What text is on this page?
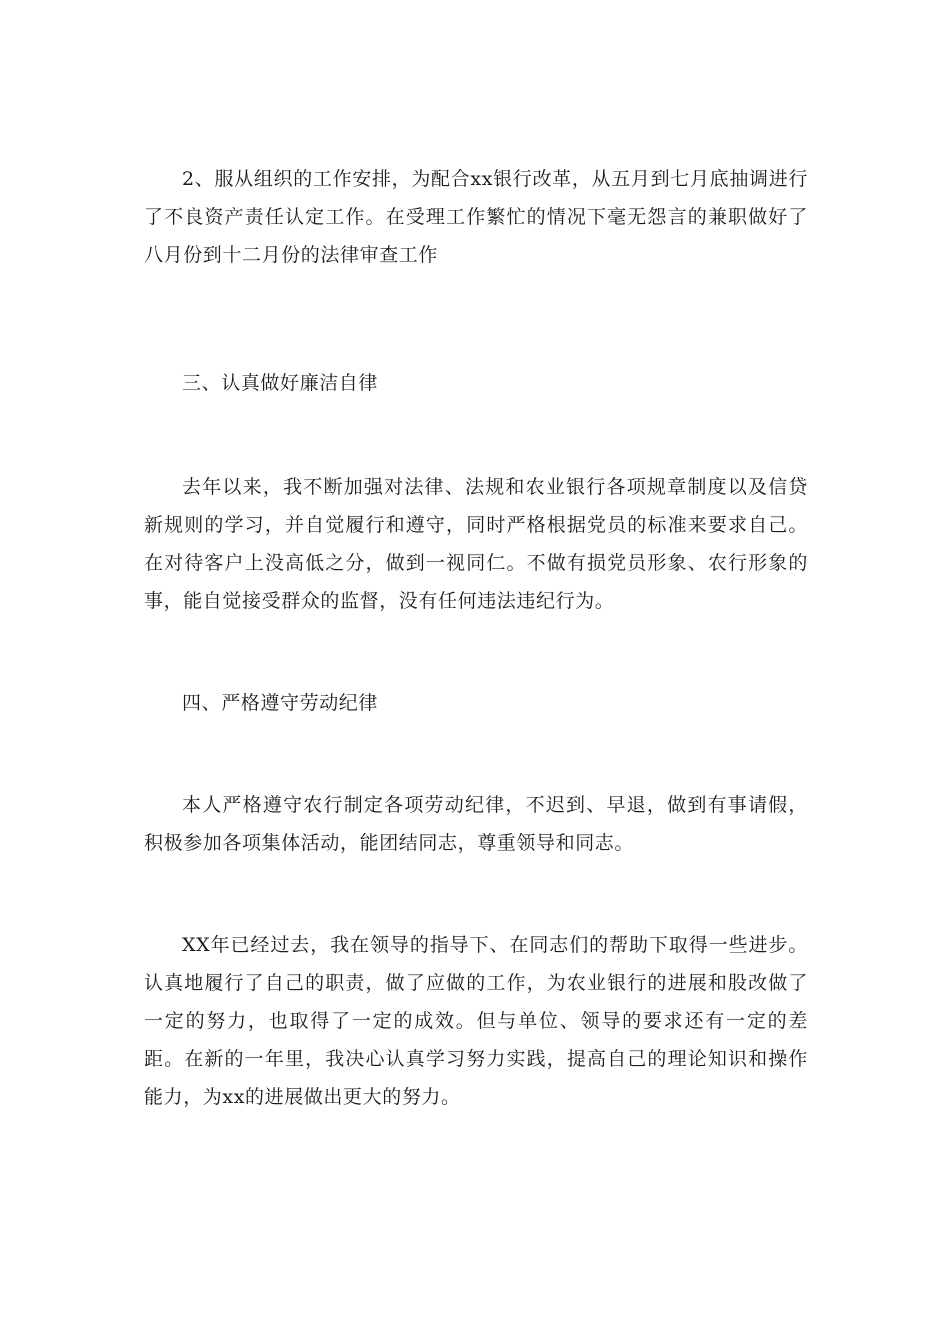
2、服从组织的工作安排，为配合xx银行改革，从五月到七月底抽调进行了不良资产责任认定工作。在受理工作繁忙的情况下毫无怨言的兼职做好了八月份到十二月份的法律审查工作

三、认真做好廉洁自律

去年以来，我不断加强对法律、法规和农业银行各项规章制度以及信贷新规则的学习，并自觉履行和遵守，同时严格根据党员的标准来要求自己。在对待客户上没高低之分，做到一视同仁。不做有损党员形象、农行形象的事，能自觉接受群众的监督，没有任何违法违纪行为。

四、严格遵守劳动纪律

本人严格遵守农行制定各项劳动纪律，不迟到、早退，做到有事请假，积极参加各项集体活动，能团结同志，尊重领导和同志。

XX年已经过去，我在领导的指导下、在同志们的帮助下取得一些进步。认真地履行了自己的职责，做了应做的工作，为农业银行的进展和股改做了一定的努力，也取得了一定的成效。但与单位、领导的要求还有一定的差距。在新的一年里，我决心认真学习努力实践，提高自己的理论知识和操作能力，为xx的进展做出更大的努力。
